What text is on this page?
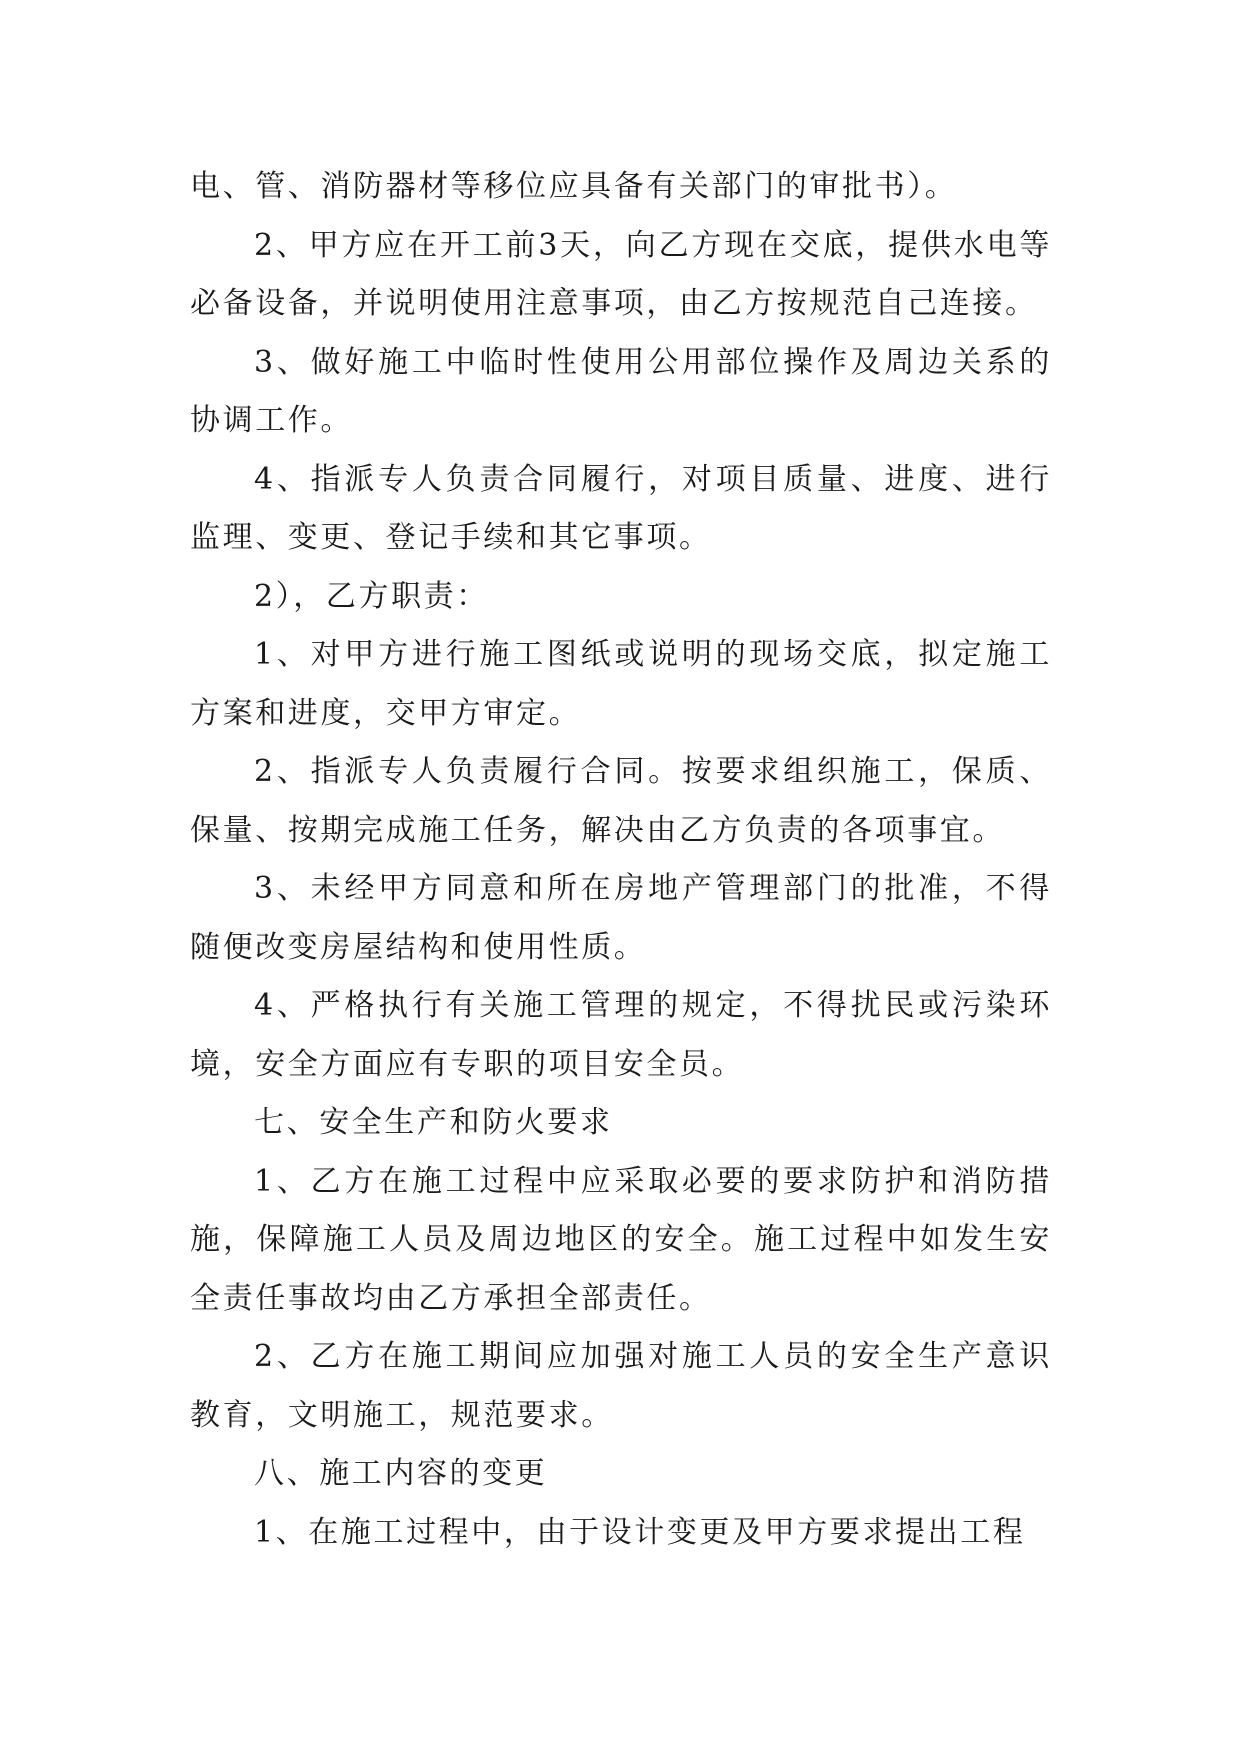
电、管、消防器材等移位应具备有关部门的审批书）。

2、甲方应在开工前3天，向乙方现在交底，提供水电等必备设备，并说明使用注意事项，由乙方按规范自己连接。

3、做好施工中临时性使用公用部位操作及周边关系的协调工作。

4、指派专人负责合同履行，对项目质量、进度、进行监理、变更、登记手续和其它事项。

2），乙方职责：

1、对甲方进行施工图纸或说明的现场交底，拟定施工方案和进度，交甲方审定。

2、指派专人负责履行合同。按要求组织施工，保质、保量、按期完成施工任务，解决由乙方负责的各项事宜。

3、未经甲方同意和所在房地产管理部门的批准，不得随便改变房屋结构和使用性质。

4、严格执行有关施工管理的规定，不得扰民或污染环境，安全方面应有专职的项目安全员。

七、安全生产和防火要求

1、乙方在施工过程中应采取必要的要求防护和消防措施，保障施工人员及周边地区的安全。施工过程中如发生安全责任事故均由乙方承担全部责任。

2、乙方在施工期间应加强对施工人员的安全生产意识教育，文明施工，规范要求。

八、施工内容的变更

1、在施工过程中，由于设计变更及甲方要求提出工程
